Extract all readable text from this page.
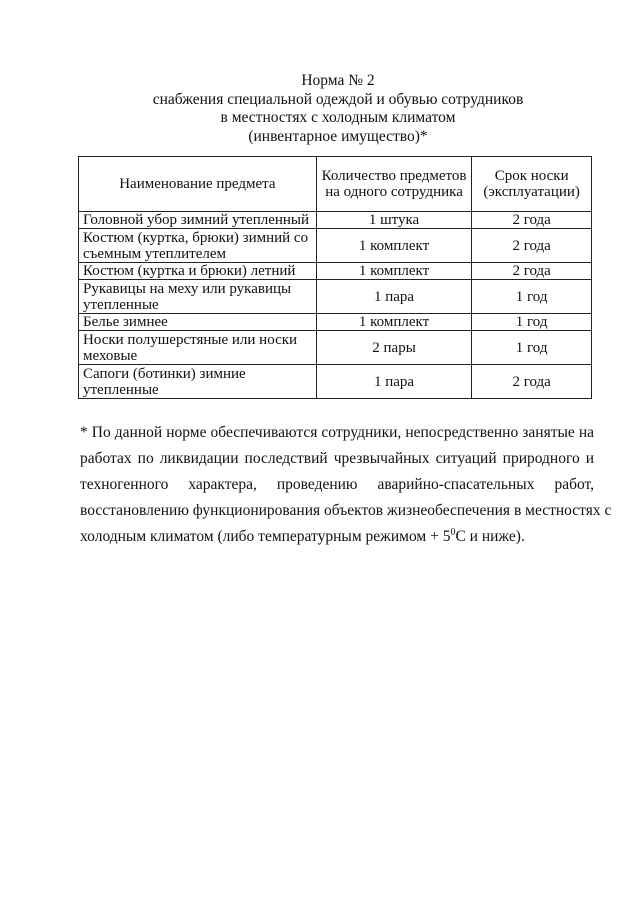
Норма № 2
снабжения специальной одеждой и обувью сотрудников
в местностях с холодным климатом
(инвентарное имущество)*
Наименование предмета	Количество предметов на одного сотрудника	Срок носки (эксплуатации)
Головной убор зимний утепленный	1 штука	2 года
Костюм (куртка, брюки) зимний со съемным утеплителем	1 комплект	2 года
Костюм (куртка и брюки) летний	1 комплект	2 года
Рукавицы на меху или рукавицы утепленные	1 пара	1 год
Белье зимнее	1 комплект	1 год
Носки полушерстяные или носки меховые	2 пары	1 год
Сапоги (ботинки) зимние утепленные	1 пара	2 года
* По данной норме обеспечиваются сотрудники, непосредственно занятые на
работах по ликвидации последствий чрезвычайных ситуаций природного и
техногенного характера, проведению аварийно-спасательных работ,
восстановлению функционирования объектов жизнеобеспечения в местностях с
холодным климатом (либо температурным режимом + $5^0С$ и ниже).
